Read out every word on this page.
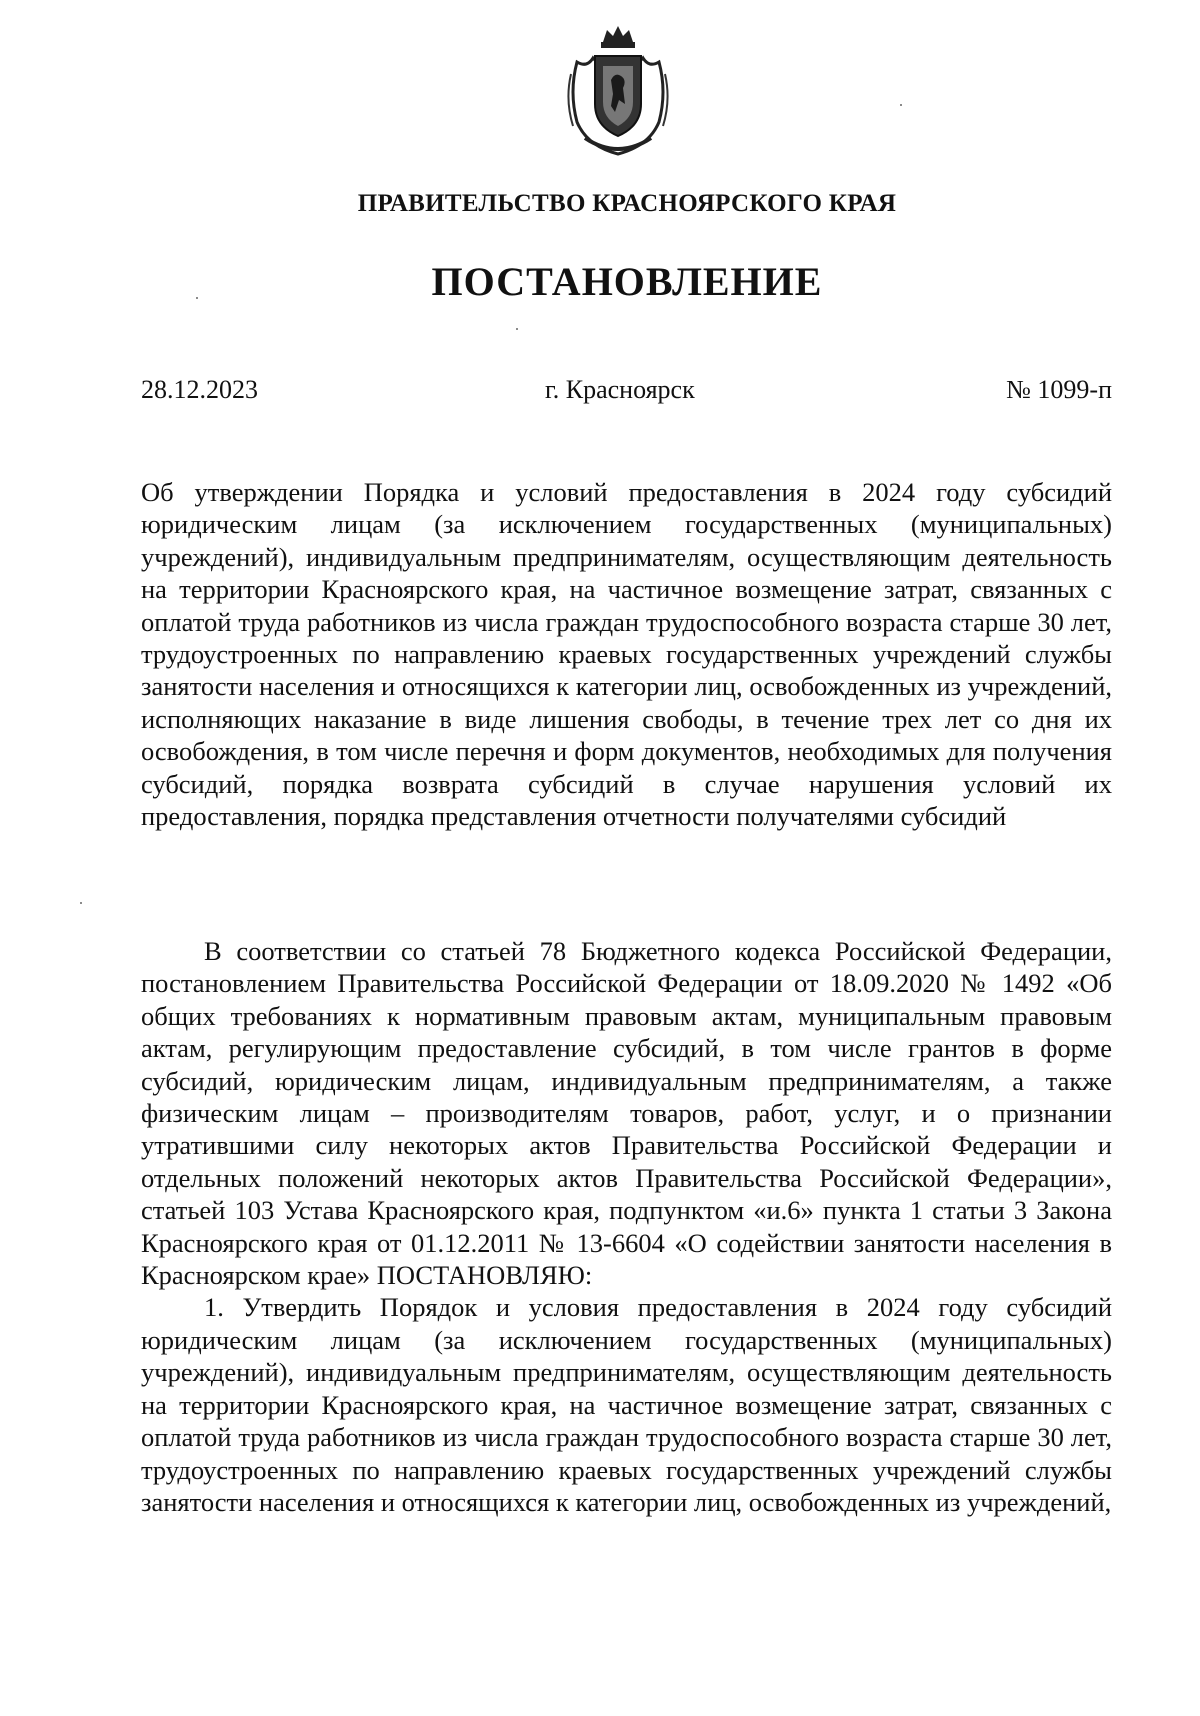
ПРАВИТЕЛЬСТВО КРАСНОЯРСКОГО КРАЯ
ПОСТАНОВЛЕНИЕ
28.12.2023	г. Красноярск	№ 1099-п

Об утверждении Порядка и условий предоставления в 2024 году субсидий юридическим лицам (за исключением государственных (муниципальных) учреждений), индивидуальным предпринимателям, осуществляющим деятельность на территории Красноярского края, на частичное возмещение затрат, связанных с оплатой труда работников из числа граждан трудоспособного возраста старше 30 лет, трудоустроенных по направлению краевых государственных учреждений службы занятости населения и относящихся к категории лиц, освобожденных из учреждений, исполняющих наказание в виде лишения свободы, в течение трех лет со дня их освобождения, в том числе перечня и форм документов, необходимых для получения субсидий, порядка возврата субсидий в случае нарушения условий их предоставления, порядка представления отчетности получателями субсидий

В соответствии со статьей 78 Бюджетного кодекса Российской Федерации, постановлением Правительства Российской Федерации от 18.09.2020 № 1492 «Об общих требованиях к нормативным правовым актам, муниципальным правовым актам, регулирующим предоставление субсидий, в том числе грантов в форме субсидий, юридическим лицам, индивидуальным предпринимателям, а также физическим лицам – производителям товаров, работ, услуг, и о признании утратившими силу некоторых актов Правительства Российской Федерации и отдельных положений некоторых актов Правительства Российской Федерации», статьей 103 Устава Красноярского края, подпунктом «и.6» пункта 1 статьи 3 Закона Красноярского края от 01.12.2011 № 13-6604 «О содействии занятости населения в Красноярском крае» ПОСТАНОВЛЯЮ:

1. Утвердить Порядок и условия предоставления в 2024 году субсидий юридическим лицам (за исключением государственных (муниципальных) учреждений), индивидуальным предпринимателям, осуществляющим деятельность на территории Красноярского края, на частичное возмещение затрат, связанных с оплатой труда работников из числа граждан трудоспособного возраста старше 30 лет, трудоустроенных по направлению краевых государственных учреждений службы занятости населения и относящихся к категории лиц, освобожденных из учреждений,
